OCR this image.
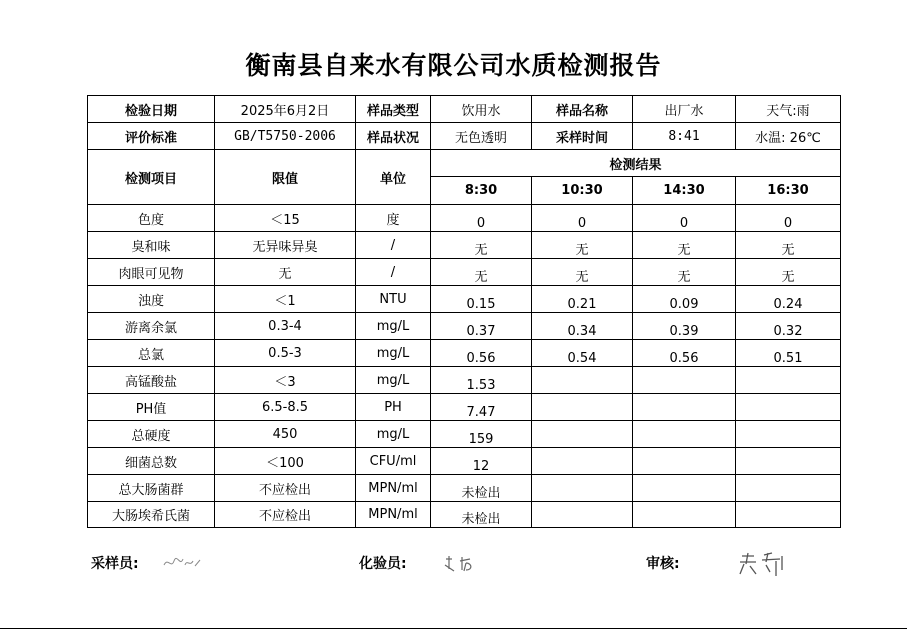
衡南县自来水有限公司水质检测报告
检验日期	2025年6月2日	样品类型	饮用水	样品名称	出厂水	天气:雨
评价标准	GB/T5750-2006	样品状况	无色透明	采样时间	8:41	水温: 26℃
检测项目	限值	单位	检测结果			
			8:30	10:30	14:30	16:30
色度	＜15	度	0	0	0	0
臭和味	无异味异臭	/	无	无	无	无
肉眼可见物	无	/	无	无	无	无
浊度	＜1	NTU	0.15	0.21	0.09	0.24
游离余氯	0.3-4	mg/L	0.37	0.34	0.39	0.32
总氯	0.5-3	mg/L	0.56	0.54	0.56	0.51
高锰酸盐	＜3	mg/L	1.53			
PH值	6.5-8.5	PH	7.47			
总硬度	450	mg/L	159			
细菌总数	＜100	CFU/ml	12			
总大肠菌群	不应检出	MPN/ml	未检出			
大肠埃希氏菌	不应检出	MPN/ml	未检出			
采样员:	化验员:	审核:
